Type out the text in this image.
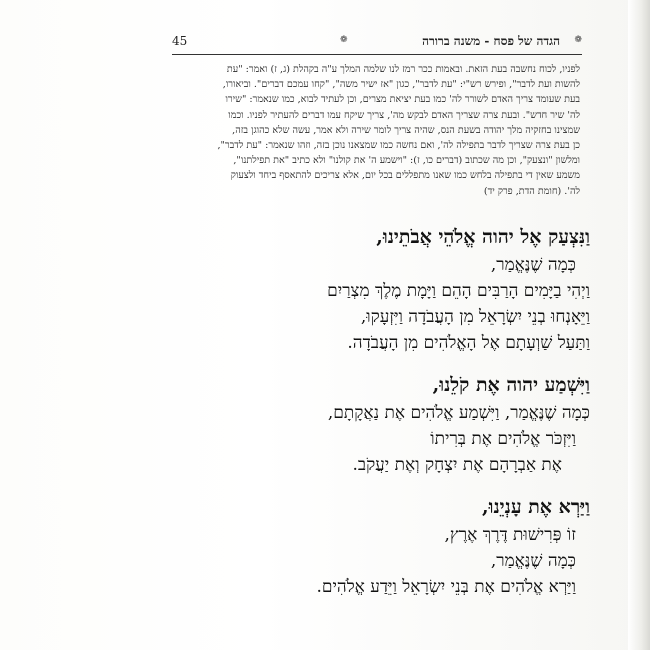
45	❁	הגדה של פסח - משנה ברורה ❁

לפניו, לכוח נחשבה בעת הזאת. ובאמות ככר רמז לנו שלמה המלך ע"ה בקהלת (ג, ז) ואמר: "עת

להשות ועת לדבר", ופירש רש"י: "עת לדבר", כגון "אז ישיר משה", "קחו עמכם דברים". וביאורו,

בעת שעומד צריך האדם לשורר לה' כמו בעת יציאת מצרים, וכן לעתיד לבוא, כמו שנאמר: "שירו

לה' שיר חדש". ובעת צרה שצריך האדם לבקש מה', צריך שיקח עמו דברים להעתיר לפניו. וכמו

שמצינו בחזקיה מלך יהודה בשעת הנס, שהיה צריך לומר שירה ולא אמר, עשה שלא כהוגן בזה,

כן בעת צרה שצריך לדבר בתפילה לה', ואם נחשה כמו שמצאנו נוכן בזה, וזהו שנאמר: "עת לדבר",

ומלשון "ונצעק", וכן מה שכתוב (דברים כו, ז): "וישמע ה' את קולנו" ולא כתיב "את תפילתנו",

משמע שאין די בתפילה בלחש כמו שאנו מתפללים בכל יום, אלא צריכים להתאסף ביחד ולצעוק

לה'. (חומת הדת, פרק יד)

וַנִּצְעַק אֶל יהוה אֱלֹהֵי אֲבֹתֵינוּ,
כְּמָה שֶׁנֶּאֱמַר,
וַיְהִי בַיָּמִים הָרַבִּים הָהֵם וַיָּמָת מֶלֶךְ מִצְרַיִם
וַיֵּאָנְחוּ בְנֵי יִשְׂרָאֵל מִן הָעֲבֹדָה וַיִּזְעָקוּ,
וַתַּעַל שַׁוְעָתָם אֶל הָאֱלֹהִים מִן הָעֲבֹדָה.
וַיִּשְׁמַע יהוה אֶת קֹלֵנוּ,
כְּמָה שֶׁנֶּאֱמַר, וַיִּשְׁמַע אֱלֹהִים אֶת נַאֲקָתָם,
וַיִּזְכֹּר אֱלֹהִים אֶת בְּרִיתוֹ
אֶת אַבְרָהָם אֶת יִצְחָק וְאֶת יַעֲקֹב.
וַיַּרְא אֶת עָנְיֵנוּ,
זוֹ פְּרִישׁוּת דֶּרֶךְ אֶרֶץ,
כְּמָה שֶׁנֶּאֱמַר,
וַיַּרְא אֱלֹהִים אֶת בְּנֵי יִשְׂרָאֵל וַיֵּדַע אֱלֹהִים.
